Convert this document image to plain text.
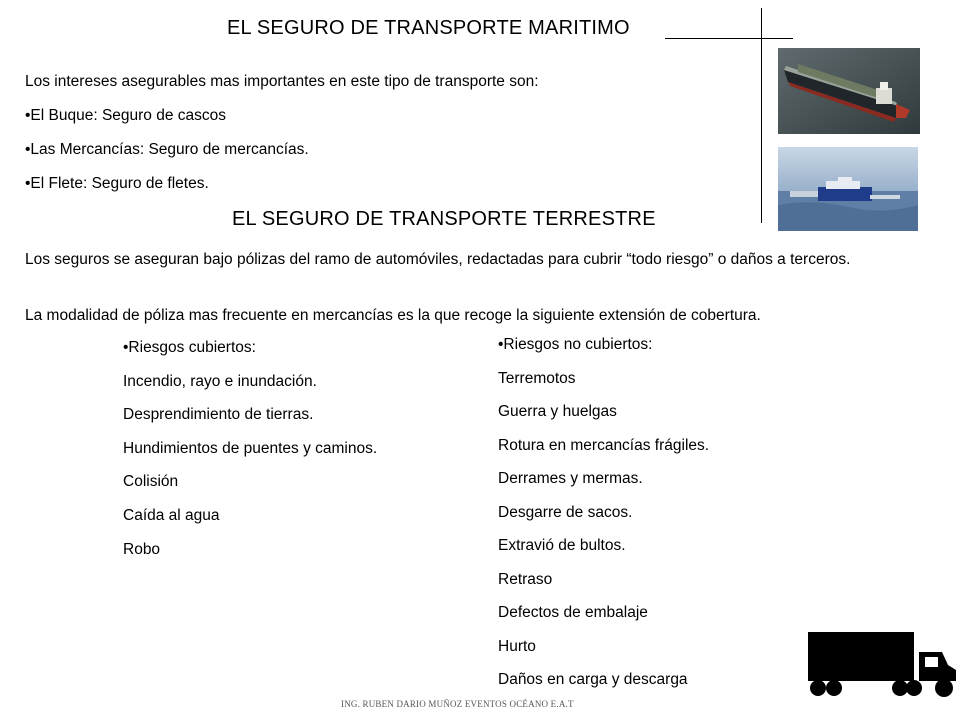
EL SEGURO DE TRANSPORTE MARITIMO
Los intereses asegurables mas importantes en este tipo de transporte son:
•El Buque: Seguro de cascos
•Las Mercancías: Seguro de mercancías.
•El Flete: Seguro de fletes.
EL SEGURO DE TRANSPORTE TERRESTRE
Los seguros se aseguran bajo pólizas del ramo de automóviles, redactadas para cubrir “todo riesgo” o daños a terceros.
La modalidad de póliza mas frecuente en mercancías es la que recoge la siguiente extensión de cobertura.
•Riesgos cubiertos:
Incendio, rayo e inundación.
Desprendimiento de tierras.
Hundimientos de puentes y caminos.
Colisión
Caída al agua
Robo
•Riesgos no cubiertos:
Terremotos
Guerra y huelgas
Rotura en mercancías frágiles.
Derrames y mermas.
Desgarre de sacos.
Extravió de bultos.
Retraso
Defectos de embalaje
Hurto
Daños en carga y descarga
ING. RUBEN DARIO MUÑOZ EVENTOS OCÉANO E.A.T
